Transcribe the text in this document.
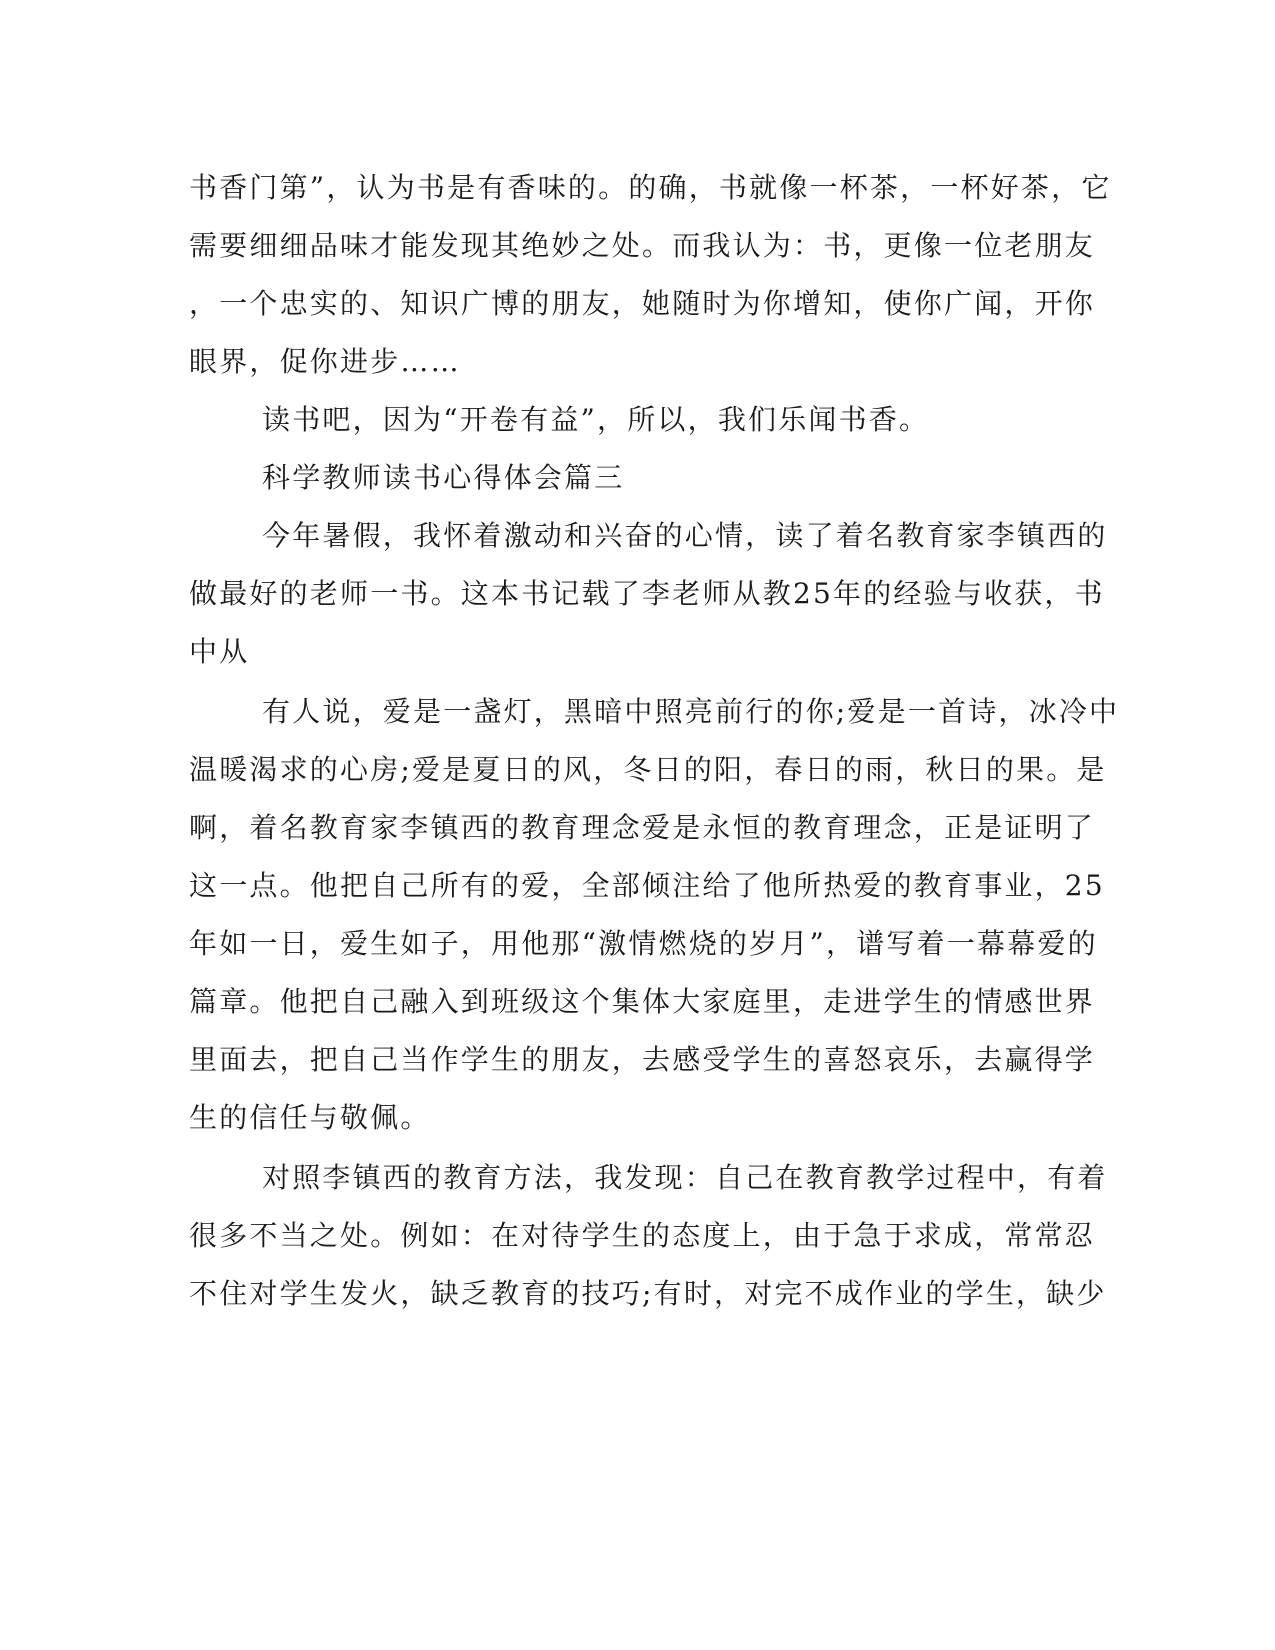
书香门第”，认为书是有香味的。的确，书就像一杯茶，一杯好茶，它
需要细细品味才能发现其绝妙之处。而我认为：书，更像一位老朋友
，一个忠实的、知识广博的朋友，她随时为你增知，使你广闻，开你
眼界，促你进步……
读书吧，因为“开卷有益”，所以，我们乐闻书香。
科学教师读书心得体会篇三
今年暑假，我怀着激动和兴奋的心情，读了着名教育家李镇西的
做最好的老师一书。这本书记载了李老师从教25年的经验与收获，书
中从
有人说，爱是一盏灯，黑暗中照亮前行的你;爱是一首诗，冰冷中
温暖渴求的心房;爱是夏日的风，冬日的阳，春日的雨，秋日的果。是
啊，着名教育家李镇西的教育理念爱是永恒的教育理念，正是证明了
这一点。他把自己所有的爱，全部倾注给了他所热爱的教育事业，25
年如一日，爱生如子，用他那“激情燃烧的岁月”，谱写着一幕幕爱的
篇章。他把自己融入到班级这个集体大家庭里，走进学生的情感世界
里面去，把自己当作学生的朋友，去感受学生的喜怒哀乐，去赢得学
生的信任与敬佩。
对照李镇西的教育方法，我发现：自己在教育教学过程中，有着
很多不当之处。例如：在对待学生的态度上，由于急于求成，常常忍
不住对学生发火，缺乏教育的技巧;有时，对完不成作业的学生，缺少
